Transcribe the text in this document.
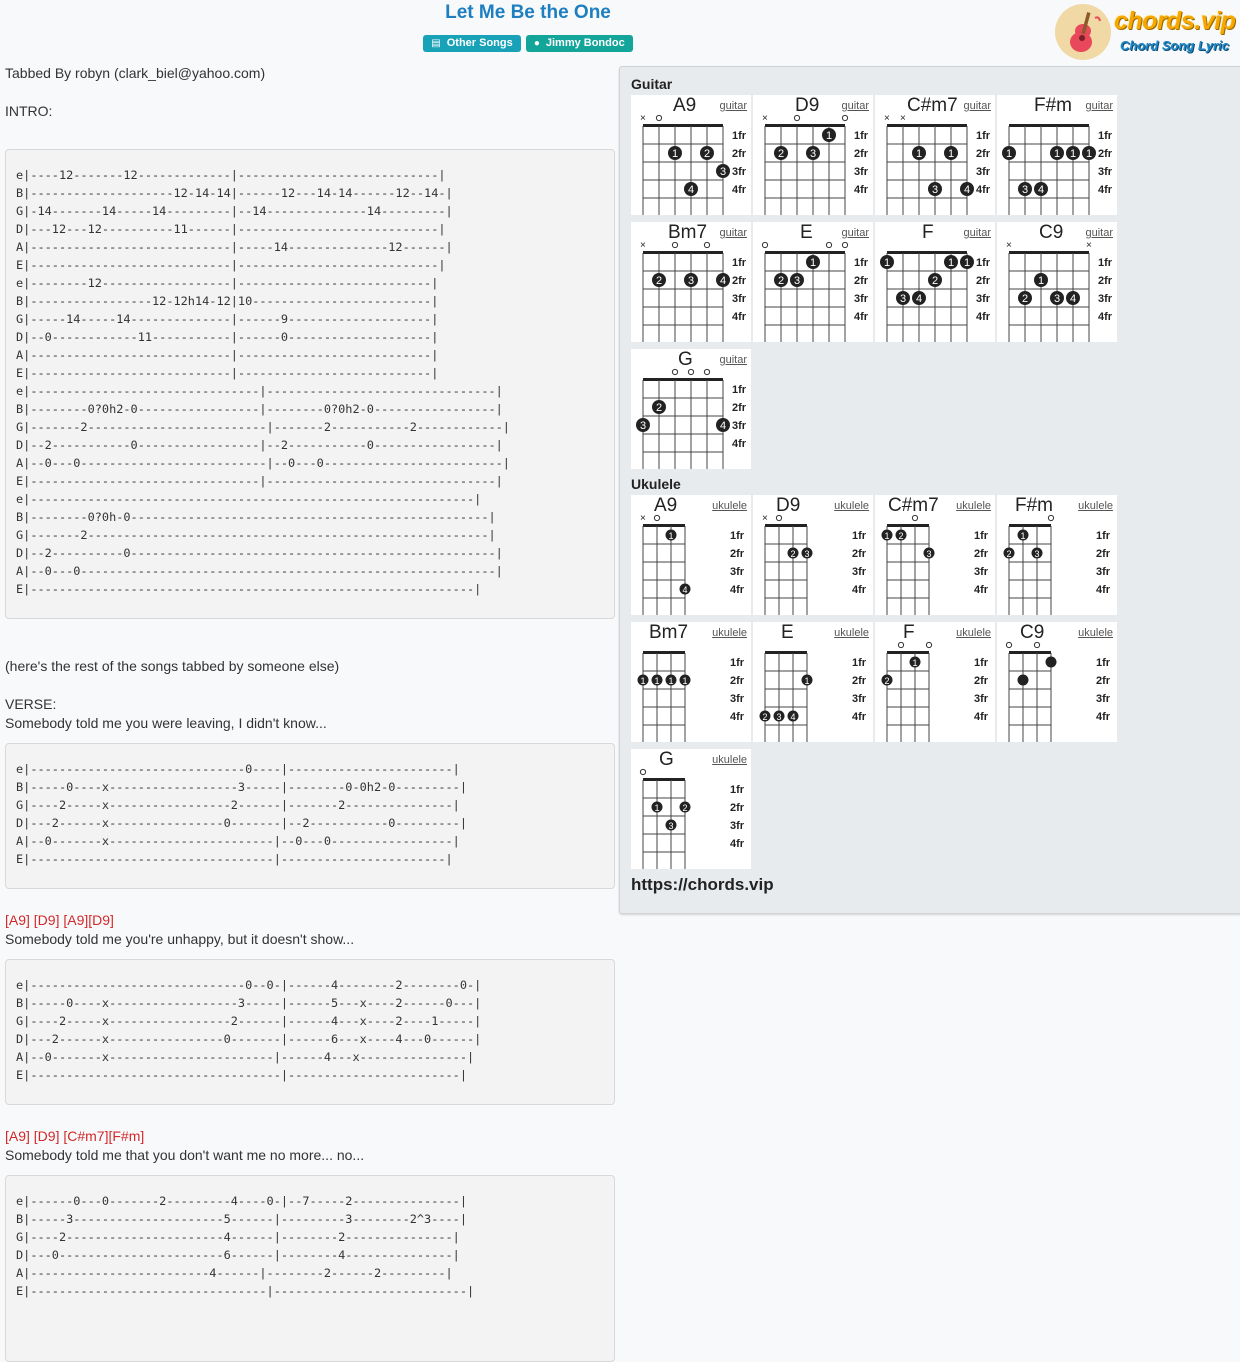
Let Me Be the One
▤ Other Songs ● Jimmy Bondoc
chords.vip
Chord Song Lyric
Tabbed By robyn (clark_biel@yahoo.com)
INTRO:
e|----12-------12-------------|----------------------------|
B|--------------------12-14-14|------12---14-14------12--14-|
G|-14-------14-----14---------|--14--------------14---------|
D|---12---12----------11------|----------------------------|
A|----------------------------|-----14--------------12------|
E|----------------------------|----------------------------|
e|--------12------------------|---------------------------|
B|-----------------12-12h14-12|10-------------------------|
G|-----14-----14--------------|------9--------------------|
D|--0------------11-----------|------0--------------------|
A|----------------------------|---------------------------|
E|----------------------------|---------------------------|
e|--------------------------------|--------------------------------|
B|--------0?0h2-0-----------------|--------0?0h2-0-----------------|
G|-------2-------------------------|-------2-----------2------------|
D|--2-----------0-----------------|--2-----------0-----------------|
A|--0---0--------------------------|--0---0-------------------------|
E|--------------------------------|--------------------------------|
e|--------------------------------------------------------------|
B|--------0?0h-0--------------------------------------------------|
G|-------2--------------------------------------------------------|
D|--2----------0---------------------------------------------------|
A|--0---0----------------------------------------------------------|
E|--------------------------------------------------------------|
(here's the rest of the songs tabbed by someone else)
VERSE:
Somebody told me you were leaving, I didn't know...
e|------------------------------0----|-----------------------|
B|-----0----x------------------3-----|--------0-0h2-0---------|
G|----2-----x-----------------2------|-------2---------------|
D|---2------x----------------0-------|--2-----------0---------|
A|--0-------x-----------------------|--0---0-----------------|
E|----------------------------------|-----------------------|
[A9] [D9] [A9][D9]
Somebody told me you're unhappy, but it doesn't show...
e|------------------------------0--0-|------4--------2--------0-|
B|-----0----x------------------3-----|------5---x----2------0---|
G|----2-----x-----------------2------|------4---x----2----1-----|
D|---2------x----------------0-------|------6---x----4---0------|
A|--0-------x-----------------------|------4---x---------------|
E|-----------------------------------|------------------------|
[A9] [D9] [C#m7][F#m]
Somebody told me that you don't want me no more... no...
e|------0---0-------2---------4----0-|--7-----2---------------|
B|-----3---------------------5------|---------3--------2^3----|
G|----2----------------------4------|--------2---------------|
D|---0-----------------------6------|--------4---------------|
A|-------------------------4------|--------2------2---------|
E|---------------------------------|---------------------------|
Guitar
1fr
2fr
3fr
4fr
×
1
4
2
3
A9 guitar
1fr
2fr
3fr
4fr
×
2 3
1
D9 guitar
1fr
2fr
3fr
4fr
× ×
1
3
1
4
C#m7 guitar
1fr
2fr
3fr
4fr
1
3 4
1 1 1
F#m guitar
1fr
2fr
3fr
4fr
×
2 3 4
Bm7 guitar
1fr
2fr
3fr
4fr
2 3
1
E	guitar
1fr
2fr
3fr
4fr
1
3 4
2
1 1
F	guitar
1fr
2fr
3fr
4fr
×
2
1
3 4
×
C9 guitar
1fr
2fr
3fr
4fr
3
2
4
G guitar
Ukulele
1fr
2fr
3fr
4fr
×
1
4
A9	ukulele
1fr
2fr
3fr
4fr
×
2 3
D9	ukulele
1fr
2fr
3fr
4fr
1 2
3
C#m7 ukulele
1fr
2fr
3fr
4fr
2
1
3
F#m ukulele
1fr
2fr
3fr
4fr
1 1 1 1
Bm7 ukulele
1fr
2fr
3fr
4fr
2 3 4
1
E	ukulele
1fr
2fr
3fr
4fr
2
1
F	ukulele
1fr
2fr
3fr
4fr
C9	ukulele
1fr
2fr
3fr
4fr
1
3
2
G	ukulele
https://chords.vip
